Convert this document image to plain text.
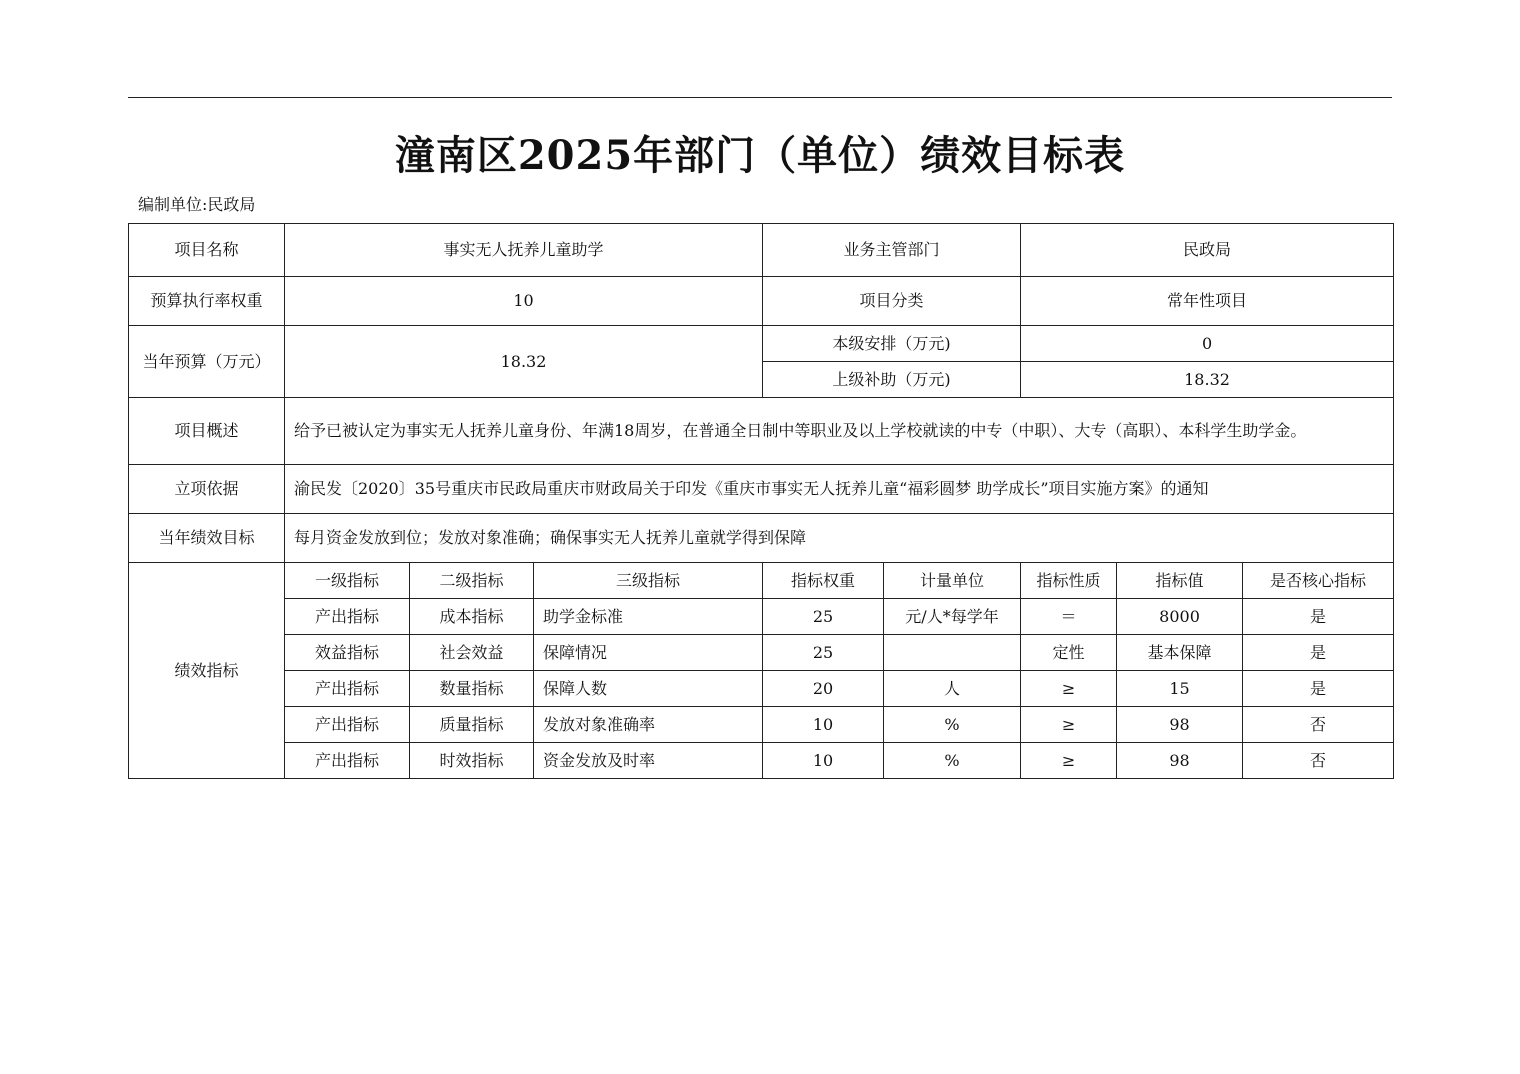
潼南区2025年部门（单位）绩效目标表
编制单位:民政局
项目名称	事实无人抚养儿童助学			业务主管部门		民政局		
预算执行率权重	10			项目分类		常年性项目		
当年预算（万元）	18.32			本级安排（万元)		0		
				上级补助（万元)		18.32		
项目概述	给予已被认定为事实无人抚养儿童身份、年满18周岁，在普通全日制中等职业及以上学校就读的中专（中职）、大专（高职）、本科学生助学金。							
立项依据	渝民发〔2020〕35号重庆市民政局重庆市财政局关于印发《重庆市事实无人抚养儿童“福彩圆梦 助学成长”项目实施方案》的通知							
当年绩效目标	每月资金发放到位；发放对象准确；确保事实无人抚养儿童就学得到保障							
绩效指标	一级指标	二级指标	三级指标	指标权重	计量单位	指标性质	指标值	是否核心指标
	产出指标	成本指标	助学金标准	25	元/人*每学年	＝	8000	是
	效益指标	社会效益	保障情况	25		定性	基本保障	是
	产出指标	数量指标	保障人数	20	人	≥	15	是
	产出指标	质量指标	发放对象准确率	10	%	≥	98	否
	产出指标	时效指标	资金发放及时率	10	%	≥	98	否
